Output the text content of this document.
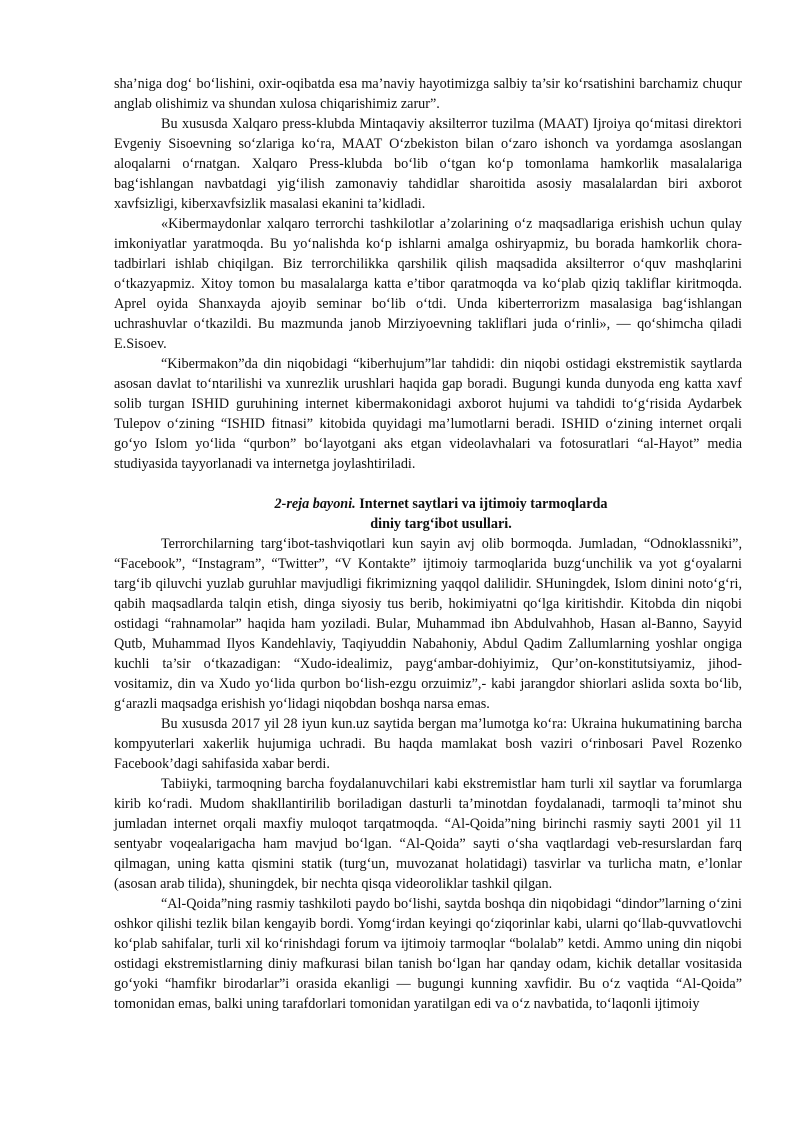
sha’niga dog‘ bo‘lishini, oxir-oqibatda esa ma’naviy hayotimizga salbiy ta’sir ko‘rsatishini barchamiz chuqur anglab olishimiz va shundan xulosa chiqarishimiz zarur”.

Bu xususda Xalqaro press-klubda Mintaqaviy aksilterror tuzilma (MAAT) Ijroiya qo‘mitasi direktori Evgeniy Sisoevning so‘zlariga ko‘ra, MAAT O‘zbekiston bilan o‘zaro ishonch va yordamga asoslangan aloqalarni o‘rnatgan. Xalqaro Press-klubda bo‘lib o‘tgan ko‘p tomonlama hamkorlik masalalariga bag‘ishlangan navbatdagi yig‘ilish zamonaviy tahdidlar sharoitida asosiy masalalardan biri axborot xavfsizligi, kiberxavfsizlik masalasi ekanini ta’kidladi.

«Kibermaydonlar xalqaro terrorchi tashkilotlar a’zolarining o‘z maqsadlariga erishish uchun qulay imkoniyatlar yaratmoqda. Bu yo‘nalishda ko‘p ishlarni amalga oshiryapmiz, bu borada hamkorlik chora-tadbirlari ishlab chiqilgan. Biz terrorchilikka qarshilik qilish maqsadida aksilterror o‘quv mashqlarini o‘tkazyapmiz. Xitoy tomon bu masalalarga katta e’tibor qaratmoqda va ko‘plab qiziq takliflar kiritmoqda. Aprel oyida Shanxayda ajoyib seminar bo‘lib o‘tdi. Unda kiberterrorizm masalasiga bag‘ishlangan uchrashuvlar o‘tkazildi. Bu mazmunda janob Mirziyoevning takliflari juda o‘rinli», — qo‘shimcha qiladi E.Sisoev.

“Kibermakon”da din niqobidagi “kiberhujum”lar tahdidi: din niqobi ostidagi ekstremistik saytlarda asosan davlat to‘ntarilishi va xunrezlik urushlari haqida gap boradi. Bugungi kunda dunyoda eng katta xavf solib turgan ISHID guruhining internet kibermakonidagi axborot hujumi va tahdidi to‘g‘risida Aydarbek Tulepov o‘zining “ISHID fitnasi” kitobida quyidagi ma’lumotlarni beradi. ISHID o‘zining internet orqali go‘yo Islom yo‘lida “qurbon” bo‘layotgani aks etgan videolavhalari va fotosuratlari “al-Hayot” media studiyasida tayyorlanadi va internetga joylashtiriladi.

2-reja bayoni. Internet saytlari va ijtimoiy tarmoqlarda
diniy targ‘ibot usullari.

Terrorchilarning targ‘ibot-tashviqotlari kun sayin avj olib bormoqda. Jumladan, “Odnoklassniki”, “Facebook”, “Instagram”, “Twitter”, “V Kontakte” ijtimoiy tarmoqlarida buzg‘unchilik va yot g‘oyalarni targ‘ib qiluvchi yuzlab guruhlar mavjudligi fikrimizning yaqqol dalilidir. SHuningdek, Islom dinini noto‘g‘ri, qabih maqsadlarda talqin etish, dinga siyosiy tus berib, hokimiyatni qo‘lga kiritishdir. Kitobda din niqobi ostidagi “rahnamolar” haqida ham yoziladi. Bular, Muhammad ibn Abdulvahhob, Hasan al-Banno, Sayyid Qutb, Muhammad Ilyos Kandehlaviy, Taqiyuddin Nabahoniy, Abdul Qadim Zallumlarning yoshlar ongiga kuchli ta’sir o‘tkazadigan: “Xudo-idealimiz, payg‘ambar-dohiyimiz, Qur’on-konstitutsiyamiz, jihod-vositamiz, din va Xudo yo‘lida qurbon bo‘lish-ezgu orzuimiz”,- kabi jarangdor shiorlari aslida soxta bo‘lib, g‘arazli maqsadga erishish yo‘lidagi niqobdan boshqa narsa emas.

Bu xususda 2017 yil 28 iyun kun.uz saytida bergan ma’lumotga ko‘ra: Ukraina hukumatining barcha kompyuterlari xakerlik hujumiga uchradi. Bu haqda mamlakat bosh vaziri o‘rinbosari Pavel Rozenko Facebook’dagi sahifasida xabar berdi.

Tabiiyki, tarmoqning barcha foydalanuvchilari kabi ekstremistlar ham turli xil saytlar va forumlarga kirib ko‘radi. Mudom shakllantirilib boriladigan dasturli ta’minotdan foydalanadi, tarmoqli ta’minot shu jumladan internet orqali maxfiy muloqot tarqatmoqda. “Al-Qoida”ning birinchi rasmiy sayti 2001 yil 11 sentyabr voqealarigacha ham mavjud bo‘lgan. “Al-Qoida” sayti o‘sha vaqtlardagi veb-resurslardan farq qilmagan, uning katta qismini statik (turg‘un, muvozanat holatidagi) tasvirlar va turlicha matn, e’lonlar (asosan arab tilida), shuningdek, bir nechta qisqa videoroliklar tashkil qilgan.

“Al-Qoida”ning rasmiy tashkiloti paydo bo‘lishi, saytda boshqa din niqobidagi “dindor”larning o‘zini oshkor qilishi tezlik bilan kengayib bordi. Yomg‘irdan keyingi qo‘ziqorinlar kabi, ularni qo‘llab-quvvatlovchi ko‘plab sahifalar, turli xil ko‘rinishdagi forum va ijtimoiy tarmoqlar “bolalab” ketdi. Ammo uning din niqobi ostidagi ekstremistlarning diniy mafkurasi bilan tanish bo‘lgan har qanday odam, kichik detallar vositasida go‘yoki “hamfikr birodarlar”i orasida ekanligi — bugungi kunning xavfidir. Bu o‘z vaqtida “Al-Qoida” tomonidan emas, balki uning tarafdorlari tomonidan yaratilgan edi va o‘z navbatida, to‘laqonli ijtimoiy
